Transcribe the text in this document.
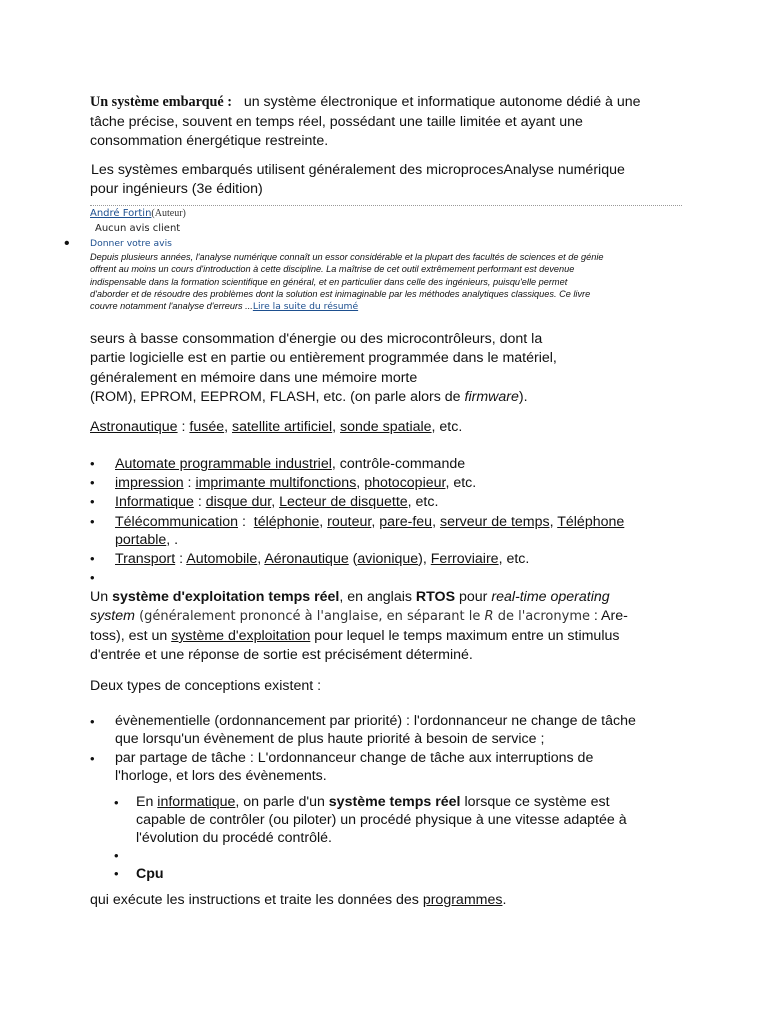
Un système embarqué : un système électronique et informatique autonome dédié à une
tâche précise, souvent en temps réel, possédant une taille limitée et ayant une
consommation énergétique restreinte.
Les systèmes embarqués utilisent généralement des microprocesAnalyse numérique
pour ingénieurs (3e édition)
André Fortin(Auteur)
Aucun avis client
• Donner votre avis
Depuis plusieurs années, l'analyse numérique connaît un essor considérable et la plupart des facultés de sciences et de génie
offrent au moins un cours d'introduction à cette discipline. La maîtrise de cet outil extrêmement performant est devenue
indispensable dans la formation scientifique en général, et en particulier dans celle des ingénieurs, puisqu'elle permet
d'aborder et de résoudre des problèmes dont la solution est inimaginable par les méthodes analytiques classiques. Ce livre
couvre notamment l'analyse d'erreurs ...Lire la suite du résumé
seurs à basse consommation d'énergie ou des microcontrôleurs, dont la
partie logicielle est en partie ou entièrement programmée dans le matériel,
généralement en mémoire dans une mémoire morte
(ROM), EPROM, EEPROM, FLASH, etc. (on parle alors de firmware).
Astronautique : fusée, satellite artificiel, sonde spatiale, etc.
• Automate programmable industriel, contrôle-commande
• impression : imprimante multifonctions, photocopieur, etc.
• Informatique : disque dur, Lecteur de disquette, etc.
• Télécommunication :  téléphonie, routeur, pare-feu, serveur de temps, Téléphone
portable, .
• Transport : Automobile, Aéronautique (avionique), Ferroviaire, etc.
•
Un système d'exploitation temps réel, en anglais RTOS pour real-time operating
system (généralement prononcé à l'anglaise, en séparant le R de l'acronyme : Are-
toss), est un système d'exploitation pour lequel le temps maximum entre un stimulus
d'entrée et une réponse de sortie est précisément déterminé.
Deux types de conceptions existent :
• évènementielle (ordonnancement par priorité) : l'ordonnanceur ne change de tâche
que lorsqu'un évènement de plus haute priorité à besoin de service ;
• par partage de tâche : L'ordonnanceur change de tâche aux interruptions de
l'horloge, et lors des évènements.
• En informatique, on parle d'un système temps réel lorsque ce système est
capable de contrôler (ou piloter) un procédé physique à une vitesse adaptée à
l'évolution du procédé contrôlé.
•
• Cpu
qui exécute les instructions et traite les données des programmes.
